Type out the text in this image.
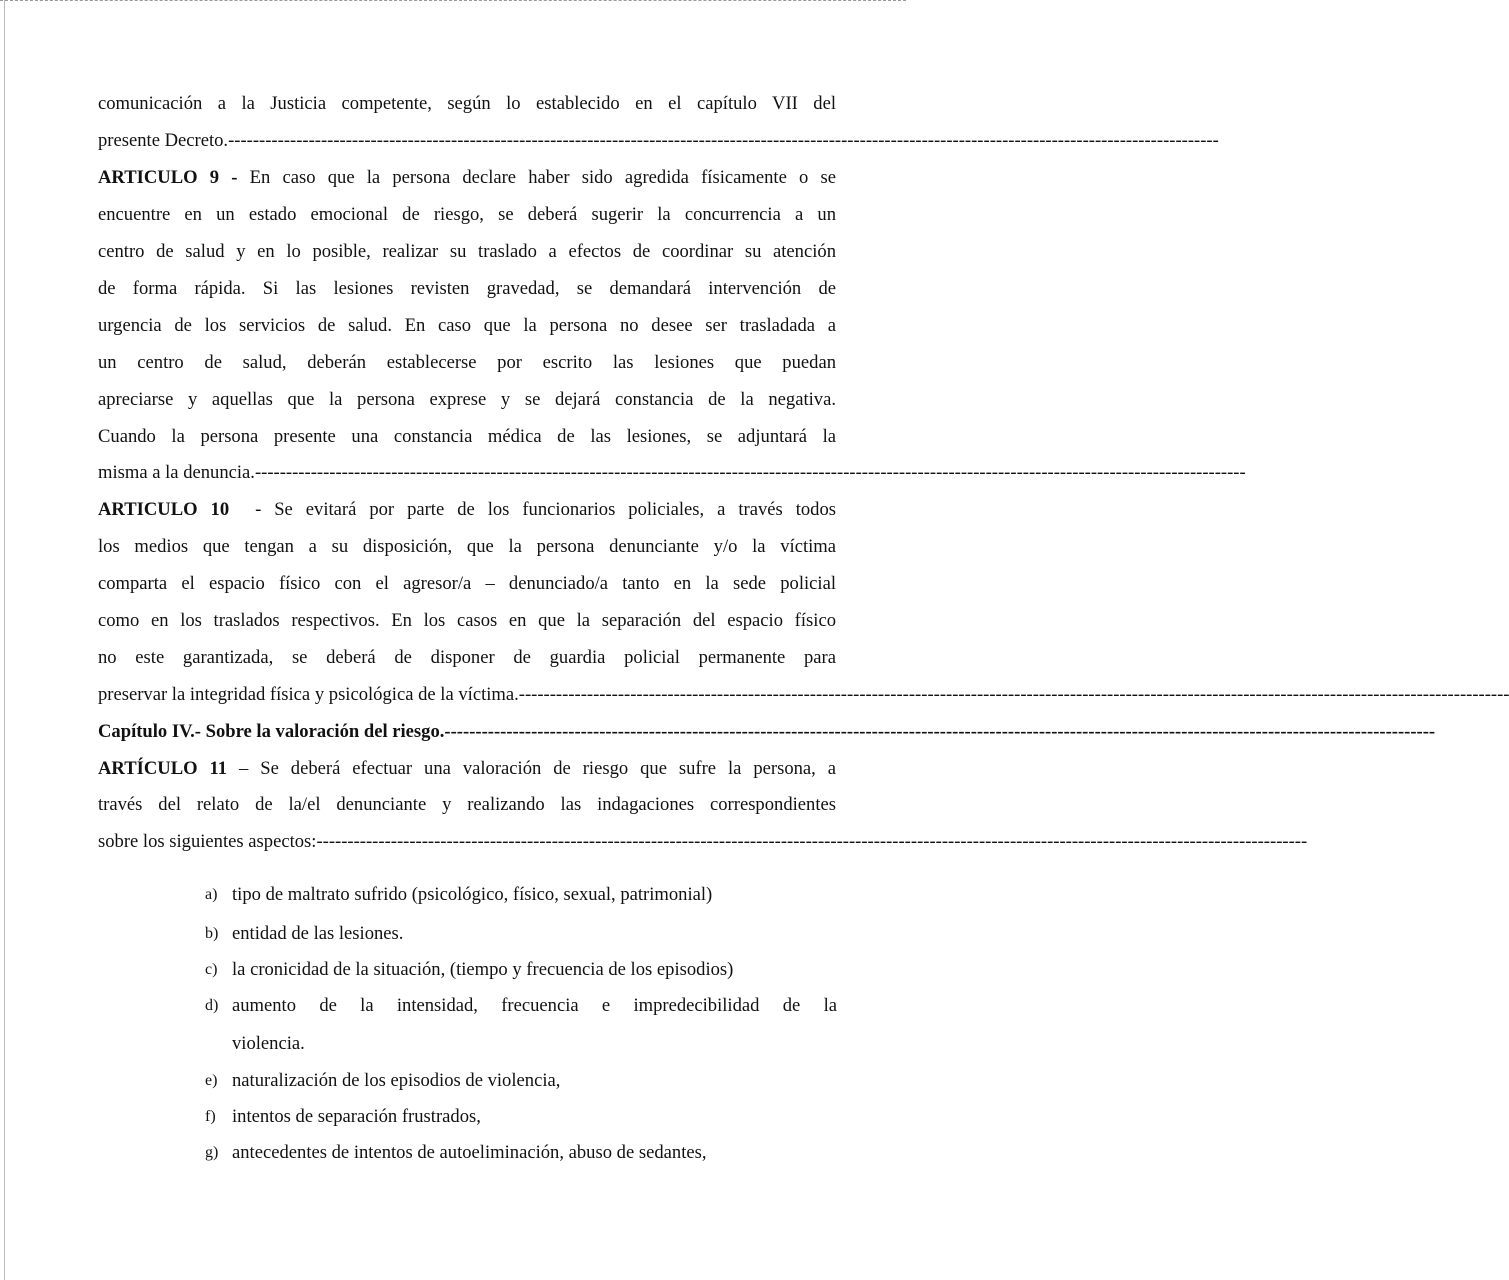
comunicación a la Justicia competente, según lo establecido en el capítulo VII del
presente Decreto. ----------------------------------------------------------------------------------------------------------------------------------------------------------------
ARTICULO 9 - En caso que la persona declare haber sido agredida físicamente o se
encuentre en un estado emocional de riesgo, se deberá sugerir la concurrencia a un
centro de salud y en lo posible, realizar su traslado a efectos de coordinar su atención
de forma rápida. Si las lesiones revisten gravedad, se demandará intervención de
urgencia de los servicios de salud. En caso que la persona no desee ser trasladada a
un centro de salud, deberán establecerse por escrito las lesiones que puedan
apreciarse y aquellas que la persona exprese y se dejará constancia de la negativa.
Cuando la persona presente una constancia médica de las lesiones, se adjuntará la
misma a la denuncia. ----------------------------------------------------------------------------------------------------------------------------------------------------------------
ARTICULO 10 - Se evitará por parte de los funcionarios policiales, a través todos
los medios que tengan a su disposición, que la persona denunciante y/o la víctima
comparta el espacio físico con el agresor/a – denunciado/a tanto en la sede policial
como en los traslados respectivos. En los casos en que la separación del espacio físico
no este garantizada, se deberá de disponer de guardia policial permanente para
preservar la integridad física y psicológica de la víctima. ----------------------------------------------------------------------------------------------------------------------------------------------------------------
Capítulo IV.- Sobre la valoración del riesgo. ----------------------------------------------------------------------------------------------------------------------------------------------------------------
ARTÍCULO 11 – Se deberá efectuar una valoración de riesgo que sufre la persona, a
través del relato de la/el denunciante y realizando las indagaciones correspondientes
sobre los siguientes aspectos: ----------------------------------------------------------------------------------------------------------------------------------------------------------------
a) tipo de maltrato sufrido (psicológico, físico, sexual, patrimonial)
b) entidad de las lesiones.
c) la cronicidad de la situación, (tiempo y frecuencia de los episodios)
d) aumento de la intensidad, frecuencia e impredecibilidad de la
violencia.
e) naturalización de los episodios de violencia,
f) intentos de separación frustrados,
g) antecedentes de intentos de autoeliminación, abuso de sedantes,
